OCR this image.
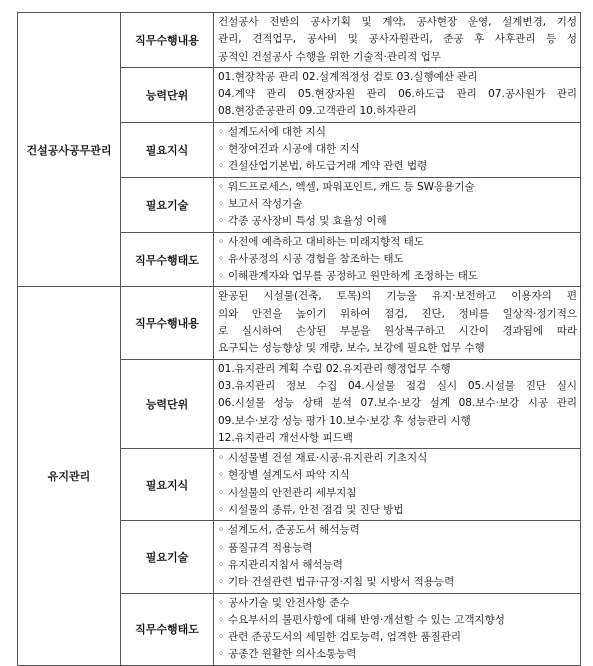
건설공사공무관리	직무수행내용	건설공사 전반의 공사기획 및 계약, 공사현장 운영, 설계변경, 기성
관리, 견적업무, 공사비 및 공사자원관리, 준공 후 사후관리 등 성
공적인 건설공사 수행을 위한 기술적·관리적 업무

	능력단위	01.현장착공 관리 02.설계적정성 검토 03.실행예산 관리
04.계약 관리 05.현장자원 관리 06.하도급 관리 07.공사원가 관리
08.현장준공관리 09.고객관리 10.하자관리

	필요지식	◦ 설계도서에 대한 지식
◦ 현장여건과 시공에 대한 지식
◦ 건설산업기본법, 하도급거래 계약 관련 법령

	필요기술	◦ 워드프로세스, 엑셀, 파워포인트, 캐드 등 SW응용기술
◦ 보고서 작성기술
◦ 각종 공사장비 특성 및 효율성 이해

	직무수행태도	◦ 사전에 예측하고 대비하는 미래지향적 태도
◦ 유사공정의 시공 경험을 참조하는 태도
◦ 이해관계자와 업무를 공정하고 원만하게 조정하는 태도

유지관리	직무수행내용	완공된 시설물(건축, 토목)의 기능을 유지·보전하고 이용자의 편
의와 안전을 높이기 위하여 점검, 진단, 정비를 일상적·정기적으
로 실시하여 손상된 부분을 원상복구하고 시간이 경과됨에 따라
요구되는 성능향상 및 개량, 보수, 보강에 필요한 업무 수행

	능력단위	01.유지관리 계획 수립 02.유지관리 행정업무 수행
03.유지관리 정보 수집 04.시설물 점검 실시 05.시설물 진단 실시
06.시설물 성능 상태 분석 07.보수·보강 설계 08.보수·보강 시공 관리
09.보수·보강 성능 평가 10.보수·보강 후 성능관리 시행
12.유지관리 개선사항 피드백

	필요지식	◦ 시설물별 건설 재료·시공·유지관리 기초지식
◦ 현장별 설계도서 파악 지식
◦ 시설물의 안전관리 세부지침
◦ 시설물의 종류, 안전 점검 및 진단 방법

	필요기술	◦ 설계도서, 준공도서 해석능력
◦ 품질규격 적용능력
◦ 유지관리지침서 해석능력
◦ 기타 건설관련 법규·규정·지침 및 시방서 적용능력

	직무수행태도	◦ 공사기술 및 안전사항 준수
◦ 수요부서의 불편사항에 대해 반영·개선할 수 있는 고객지향성
◦ 관련 준공도서의 세밀한 검토능력, 엄격한 품질관리
◦ 공종간 원활한 의사소통능력
